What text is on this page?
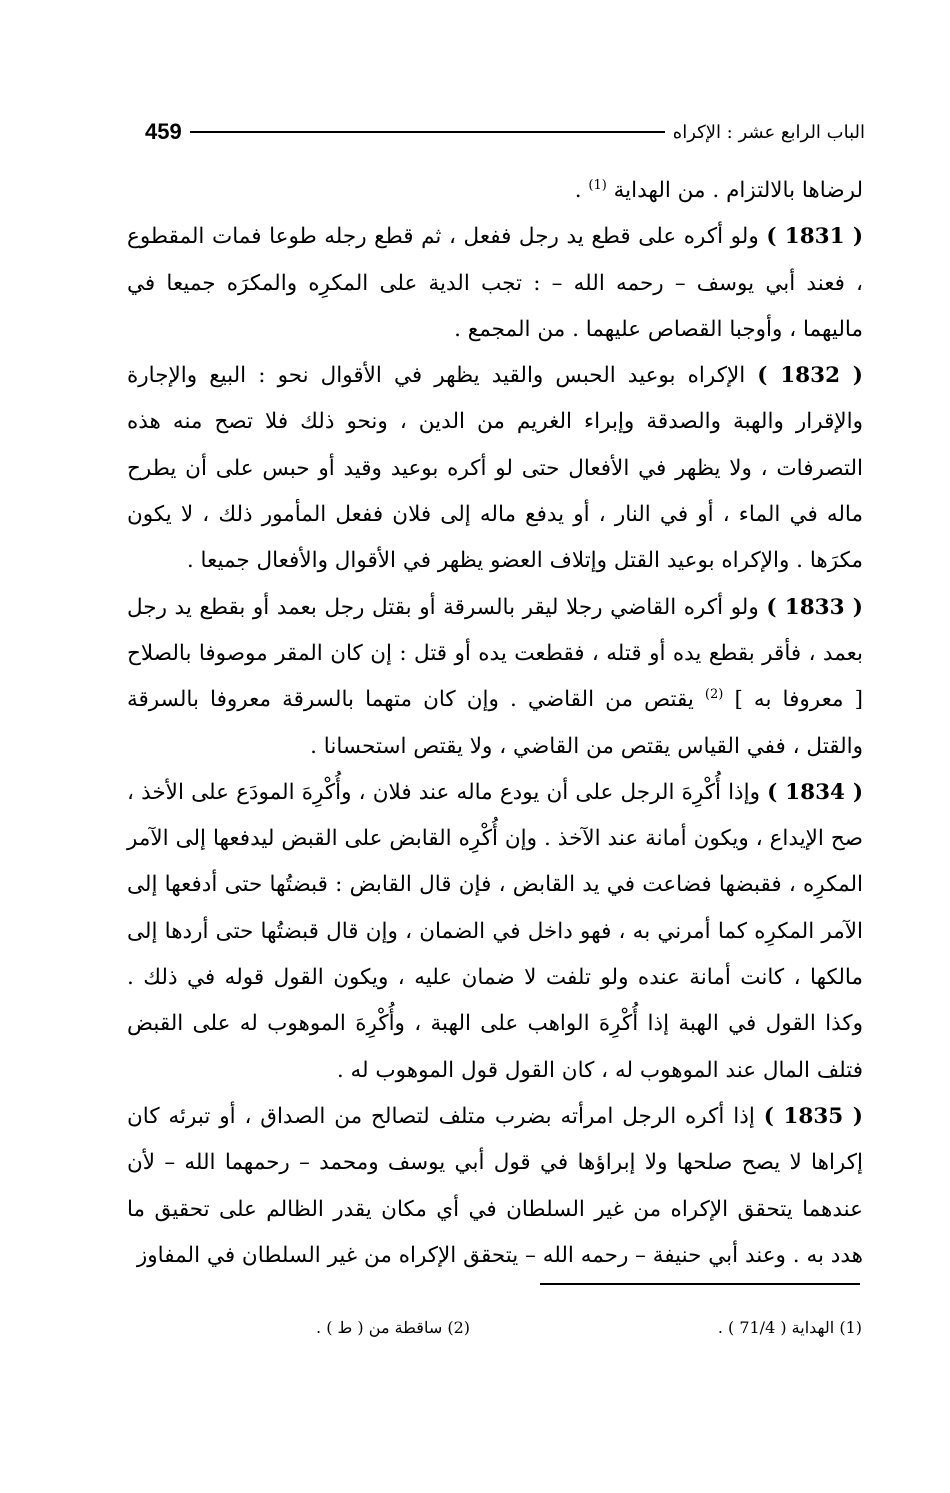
459	الباب الرابع عشر : الإكراه

لرضاها بالالتزام . من الهداية $^{(1)}$ .

( 1831 ) ولو أكره على قطع يد رجل ففعل ، ثم قطع رجله طوعا فمات المقطوع ، فعند أبي يوسف – رحمه الله – : تجب الدية على المكرِه والمكرَه جميعا في ماليهما ، وأوجبا القصاص عليهما . من المجمع .

( 1832 ) الإكراه بوعيد الحبس والقيد يظهر في الأقوال نحو : البيع والإجارة والإقرار والهبة والصدقة وإبراء الغريم من الدين ، ونحو ذلك فلا تصح منه هذه التصرفات ، ولا يظهر في الأفعال حتى لو أكره بوعيد وقيد أو حبس على أن يطرح ماله في الماء ، أو في النار ، أو يدفع ماله إلى فلان ففعل المأمور ذلك ، لا يكون مكرَها . والإكراه بوعيد القتل وإتلاف العضو يظهر في الأقوال والأفعال جميعا .

( 1833 ) ولو أكره القاضي رجلا ليقر بالسرقة أو بقتل رجل بعمد أو بقطع يد رجل بعمد ، فأقر بقطع يده أو قتله ، فقطعت يده أو قتل : إن كان المقر موصوفا بالصلاح [ معروفا به ] $^{(2)}$ يقتص من القاضي . وإن كان متهما بالسرقة معروفا بالسرقة والقتل ، ففي القياس يقتص من القاضي ، ولا يقتص استحسانا .

( 1834 ) وإذا أُكْرِهَ الرجل على أن يودع ماله عند فلان ، وأُكْرِهَ المودَع على الأخذ ، صح الإيداع ، ويكون أمانة عند الآخذ . وإن أُكْرِه القابض على القبض ليدفعها إلى الآمر المكرِه ، فقبضها فضاعت في يد القابض ، فإن قال القابض : قبضتُها حتى أدفعها إلى الآمر المكرِه كما أمرني به ، فهو داخل في الضمان ، وإن قال قبضتُها حتى أردها إلى مالكها ، كانت أمانة عنده ولو تلفت لا ضمان عليه ، ويكون القول قوله في ذلك . وكذا القول في الهبة إذا أُكْرِهَ الواهب على الهبة ، وأُكْرِهَ الموهوب له على القبض فتلف المال عند الموهوب له ، كان القول قول الموهوب له .

( 1835 ) إذا أكره الرجل امرأته بضرب متلف لتصالح من الصداق ، أو تبرئه كان إكراها لا يصح صلحها ولا إبراؤها في قول أبي يوسف ومحمد – رحمهما الله – لأن عندهما يتحقق الإكراه من غير السلطان في أي مكان يقدر الظالم على تحقيق ما هدد به . وعند أبي حنيفة – رحمه الله – يتحقق الإكراه من غير السلطان في المفاوز

(1) الهداية ( 71/4 ) .
(2) ساقطة من ( ط ) .
